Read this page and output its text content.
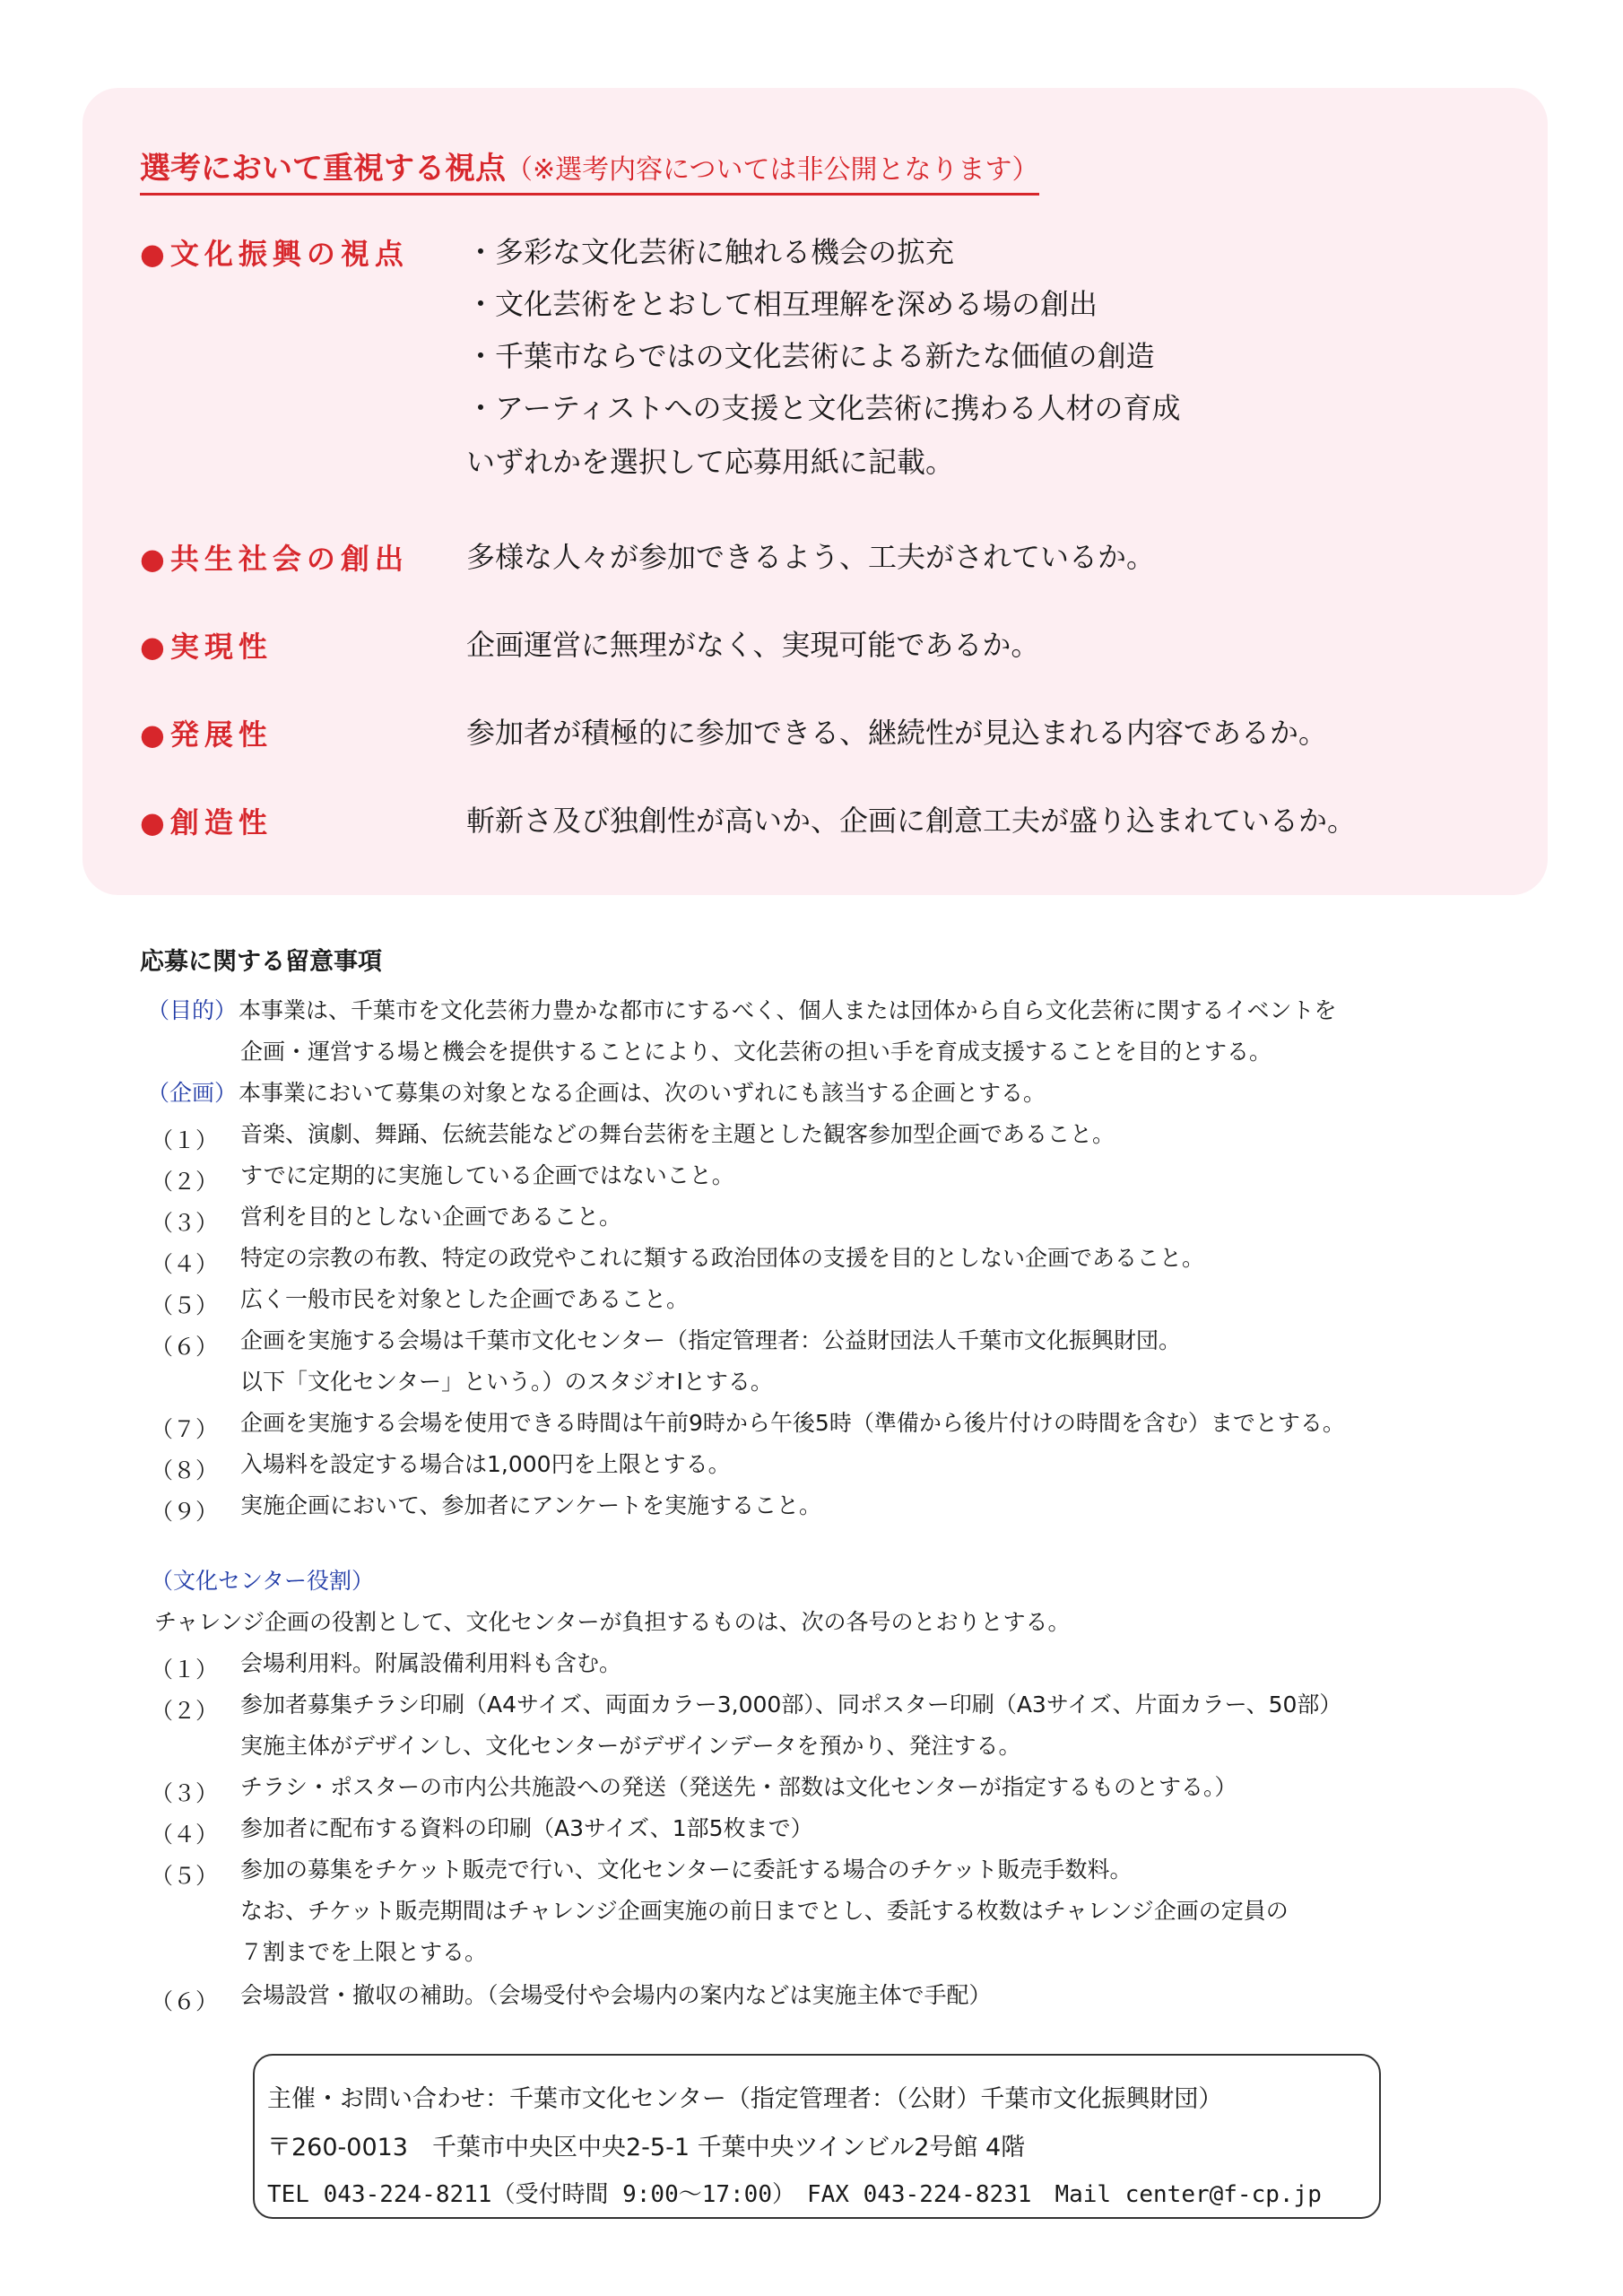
選考において重視する視点（※選考内容については非公開となります）
●文化振興の視点 ・多彩な文化芸術に触れる機会の拡充
・文化芸術をとおして相互理解を深める場の創出
・千葉市ならではの文化芸術による新たな価値の創造
・アーティストへの支援と文化芸術に携わる人材の育成
いずれかを選択して応募用紙に記載。
●共生社会の創出 多様な人々が参加できるよう、工夫がされているか。
●実現性	企画運営に無理がなく、実現可能であるか。
●発展性	参加者が積極的に参加できる、継続性が見込まれる内容であるか。
●創造性	斬新さ及び独創性が高いか、企画に創意工夫が盛り込まれているか。
応募に関する留意事項
（目的） 本事業は、千葉市を文化芸術力豊かな都市にするべく、個人または団体から自ら文化芸術に関するイベントを
企画・運営する場と機会を提供することにより、文化芸術の担い手を育成支援することを目的とする。
（企画） 本事業において募集の対象となる企画は、次のいずれにも該当する企画とする。
（１） 音楽、演劇、舞踊、伝統芸能などの舞台芸術を主題とした観客参加型企画であること。
（２） すでに定期的に実施している企画ではないこと。
（３） 営利を目的としない企画であること。
（４） 特定の宗教の布教、特定の政党やこれに類する政治団体の支援を目的としない企画であること。
（５） 広く一般市民を対象とした企画であること。
（６） 企画を実施する会場は千葉市文化センター（指定管理者：公益財団法人千葉市文化振興財団。
以下「文化センター」という。）のスタジオⅠとする。
（７） 企画を実施する会場を使用できる時間は午前9時から午後5時（準備から後片付けの時間を含む）までとする。
（８） 入場料を設定する場合は1,000円を上限とする。
（９） 実施企画において、参加者にアンケートを実施すること。
（文化センター役割）
チャレンジ企画の役割として、文化センターが負担するものは、次の各号のとおりとする。
（１） 会場利用料。附属設備利用料も含む。
（２） 参加者募集チラシ印刷（A4サイズ、両面カラー3,000部）、同ポスター印刷（A3サイズ、片面カラー、50部）
実施主体がデザインし、文化センターがデザインデータを預かり、発注する。
（３） チラシ・ポスターの市内公共施設への発送（発送先・部数は文化センターが指定するものとする。）
（４） 参加者に配布する資料の印刷（A3サイズ、1部5枚まで）
（５） 参加の募集をチケット販売で行い、文化センターに委託する場合のチケット販売手数料。
なお、チケット販売期間はチャレンジ企画実施の前日までとし、委託する枚数はチャレンジ企画の定員の
７割までを上限とする。
（６） 会場設営・撤収の補助。（会場受付や会場内の案内などは実施主体で手配）
主催・お問い合わせ：千葉市文化センター（指定管理者：（公財）千葉市文化振興財団）
〒260-0013　千葉市中央区中央2-5-1 千葉中央ツインビル2号館 4階
TEL 043-224-8211（受付時間 9:00～17:00）　FAX 043-224-8231　Mail center@f-cp.jp
